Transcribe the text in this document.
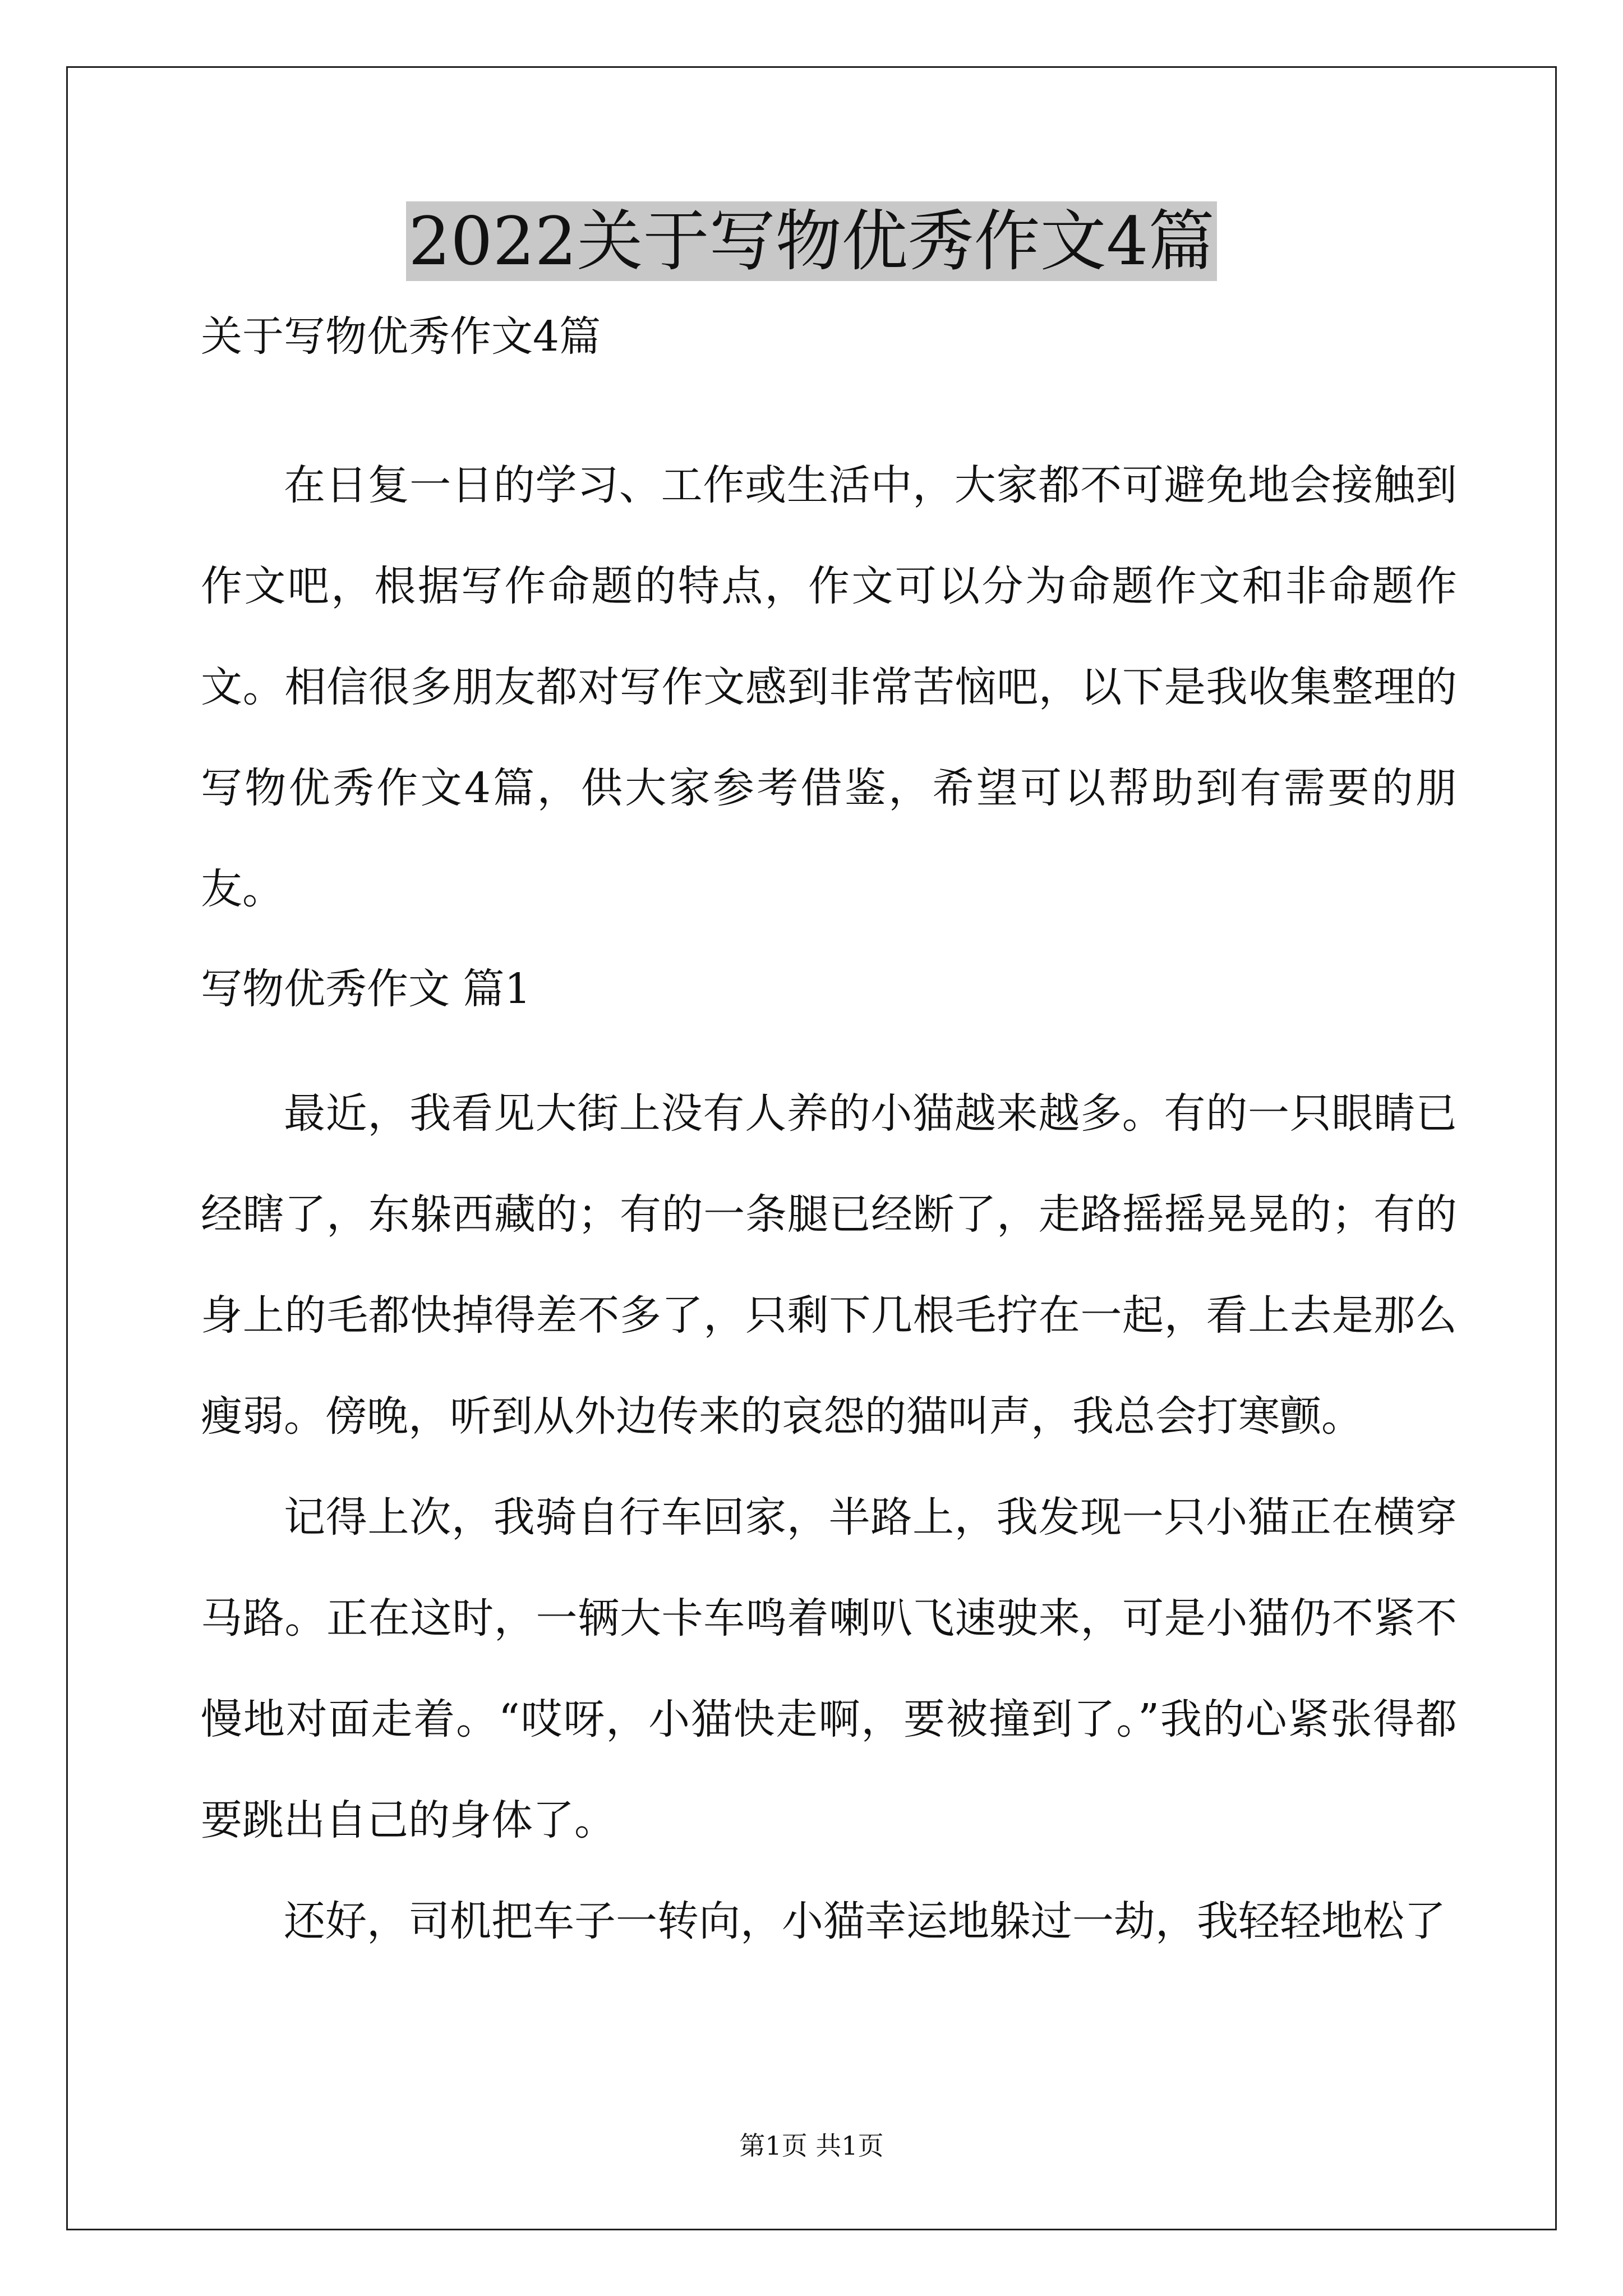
2022关于写物优秀作文4篇
关于写物优秀作文4篇

在日复一日的学习、工作或生活中，大家都不可避免地会接触到作文吧，根据写作命题的特点，作文可以分为命题作文和非命题作文。相信很多朋友都对写作文感到非常苦恼吧，以下是我收集整理的写物优秀作文4篇，供大家参考借鉴，希望可以帮助到有需要的朋友。

写物优秀作文 篇1

最近，我看见大街上没有人养的小猫越来越多。有的一只眼睛已经瞎了，东躲西藏的；有的一条腿已经断了，走路摇摇晃晃的；有的身上的毛都快掉得差不多了，只剩下几根毛拧在一起，看上去是那么瘦弱。傍晚，听到从外边传来的哀怨的猫叫声，我总会打寒颤。

记得上次，我骑自行车回家，半路上，我发现一只小猫正在横穿马路。正在这时，一辆大卡车鸣着喇叭飞速驶来，可是小猫仍不紧不慢地对面走着。“哎呀，小猫快走啊，要被撞到了。”我的心紧张得都要跳出自己的身体了。

还好，司机把车子一转向，小猫幸运地躲过一劫，我轻轻地松了

第1页 共1页
